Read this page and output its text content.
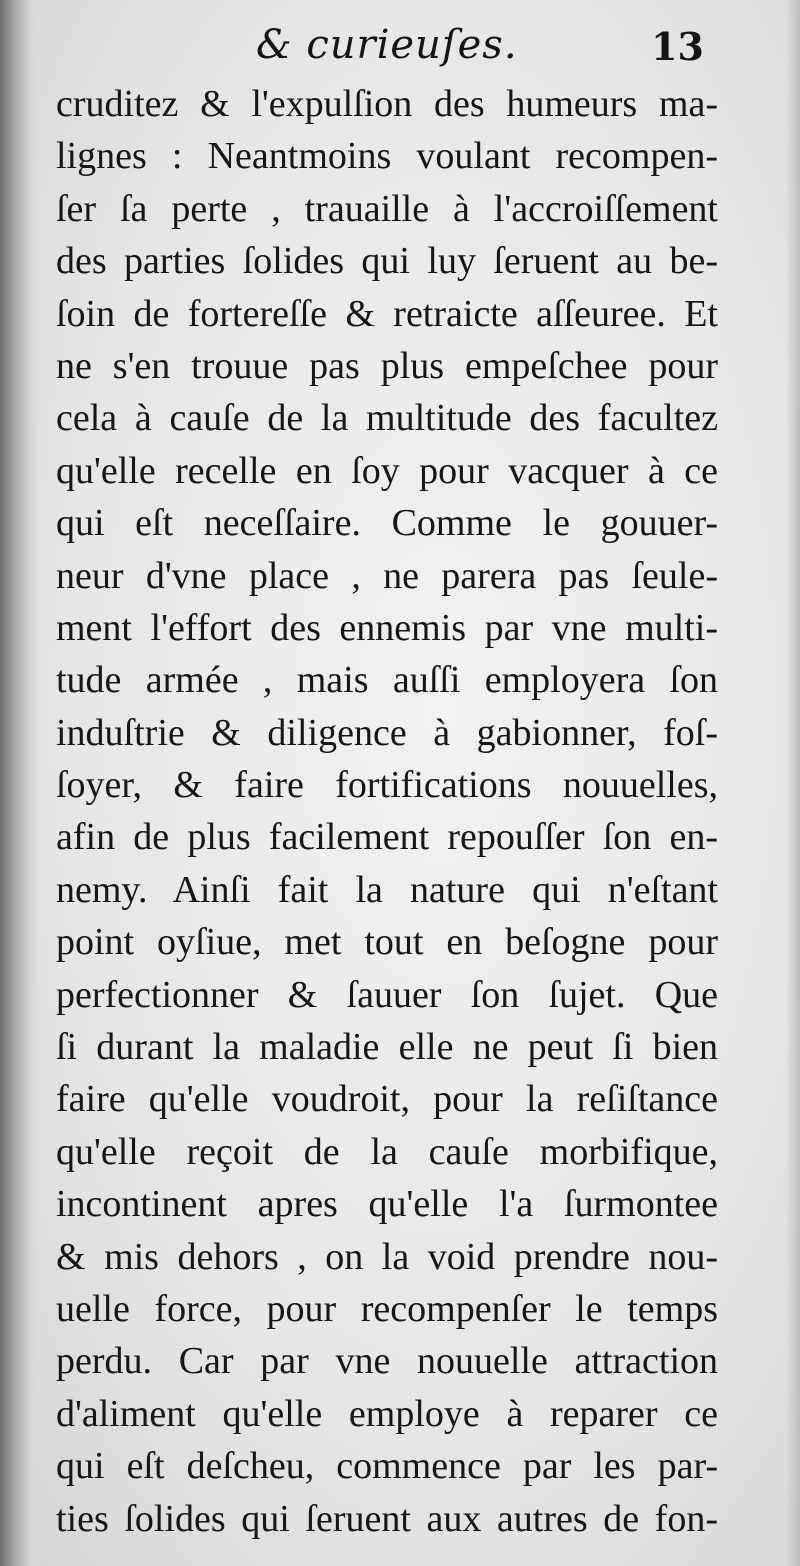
& curieuſes.	13
cruditez & l'expulſion des humeurs ma-
lignes : Neantmoins voulant recompen-
ſer ſa perte , trauaille à l'accroiſſement
des parties ſolides qui luy ſeruent au be-
ſoin de fortereſſe & retraicte aſſeuree. Et
ne s'en trouue pas plus empeſchee pour
cela à cauſe de la multitude des facultez
qu'elle recelle en ſoy pour vacquer à ce
qui eſt neceſſaire. Comme le gouuer-
neur d'vne place , ne parera pas ſeule-
ment l'effort des ennemis par vne multi-
tude armée , mais auſſi employera ſon
induſtrie & diligence à gabionner, foſ-
ſoyer, & faire fortifications nouuelles,
afin de plus facilement repouſſer ſon en-
nemy. Ainſi fait la nature qui n'eſtant
point oyſiue, met tout en beſogne pour
perfectionner & ſauuer ſon ſujet. Que
ſi durant la maladie elle ne peut ſi bien
faire qu'elle voudroit, pour la reſiſtance
qu'elle reçoit de la cauſe morbifique,
incontinent apres qu'elle l'a ſurmontee
& mis dehors , on la void prendre nou-
uelle force, pour recompenſer le temps
perdu. Car par vne nouuelle attraction
d'aliment qu'elle employe à reparer ce
qui eſt deſcheu, commence par les par-
ties ſolides qui ſeruent aux autres de fon-
